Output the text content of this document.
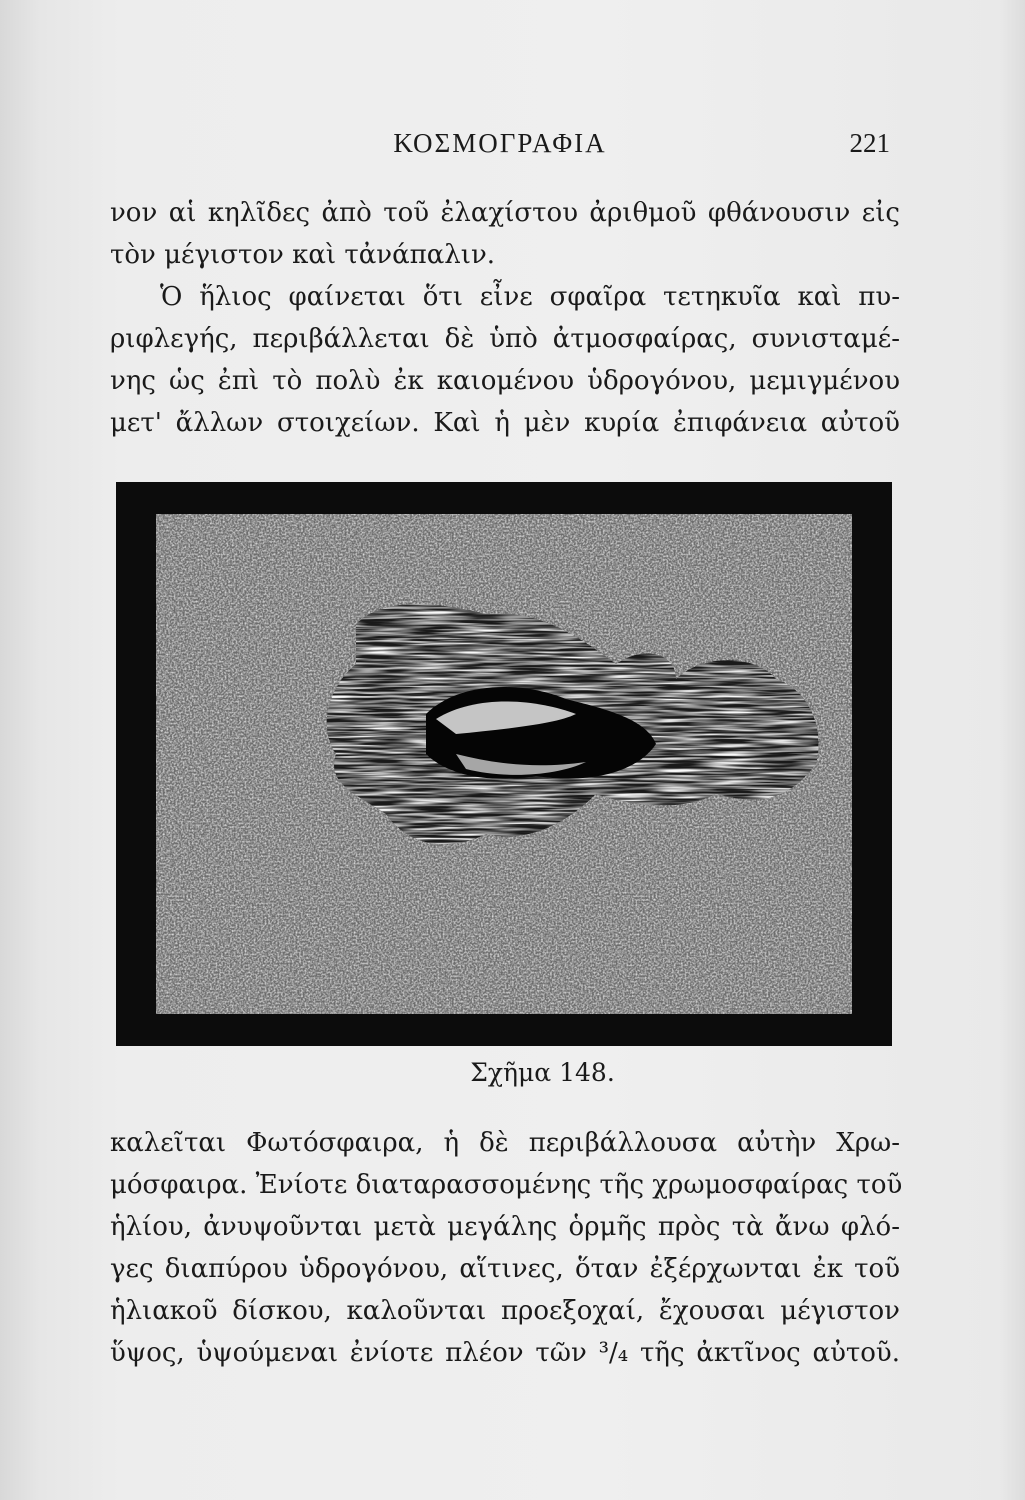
ΚΟΣΜΟΓΡΑΦΙΑ	221
νον αἱ κηλῖδες ἀπὸ τοῦ ἐλαχίστου ἀριθμοῦ φθάνουσιν εἰς
τὸν μέγιστον καὶ τἀνάπαλιν.
Ὁ ἥλιος φαίνεται ὅτι εἶνε σφαῖρα τετηκυῖα καὶ πυ-
ριφλεγής, περιβάλλεται δὲ ὑπὸ ἀτμοσφαίρας, συνισταμέ-
νης ὡς ἐπὶ τὸ πολὺ ἐκ καιομένου ὑδρογόνου, μεμιγμένου
μετ' ἄλλων στοιχείων. Καὶ ἡ μὲν κυρία ἐπιφάνεια αὐτοῦ
Σχῆμα 148.
καλεῖται Φωτόσφαιρα, ἡ δὲ περιβάλλουσα αὐτὴν Χρω-
μόσφαιρα. Ἐνίοτε διαταρασσομένης τῆς χρωμοσφαίρας τοῦ
ἡλίου, ἀνυψοῦνται μετὰ μεγάλης ὁρμῆς πρὸς τὰ ἄνω φλό-
γες διαπύρου ὑδρογόνου, αἵτινες, ὅταν ἐξέρχωνται ἐκ τοῦ
ἡλιακοῦ δίσκου, καλοῦνται προεξοχαί, ἔχουσαι μέγιστον
ὕψος, ὑψούμεναι ἐνίοτε πλέον τῶν ³/₄ τῆς ἀκτῖνος αὐτοῦ.
